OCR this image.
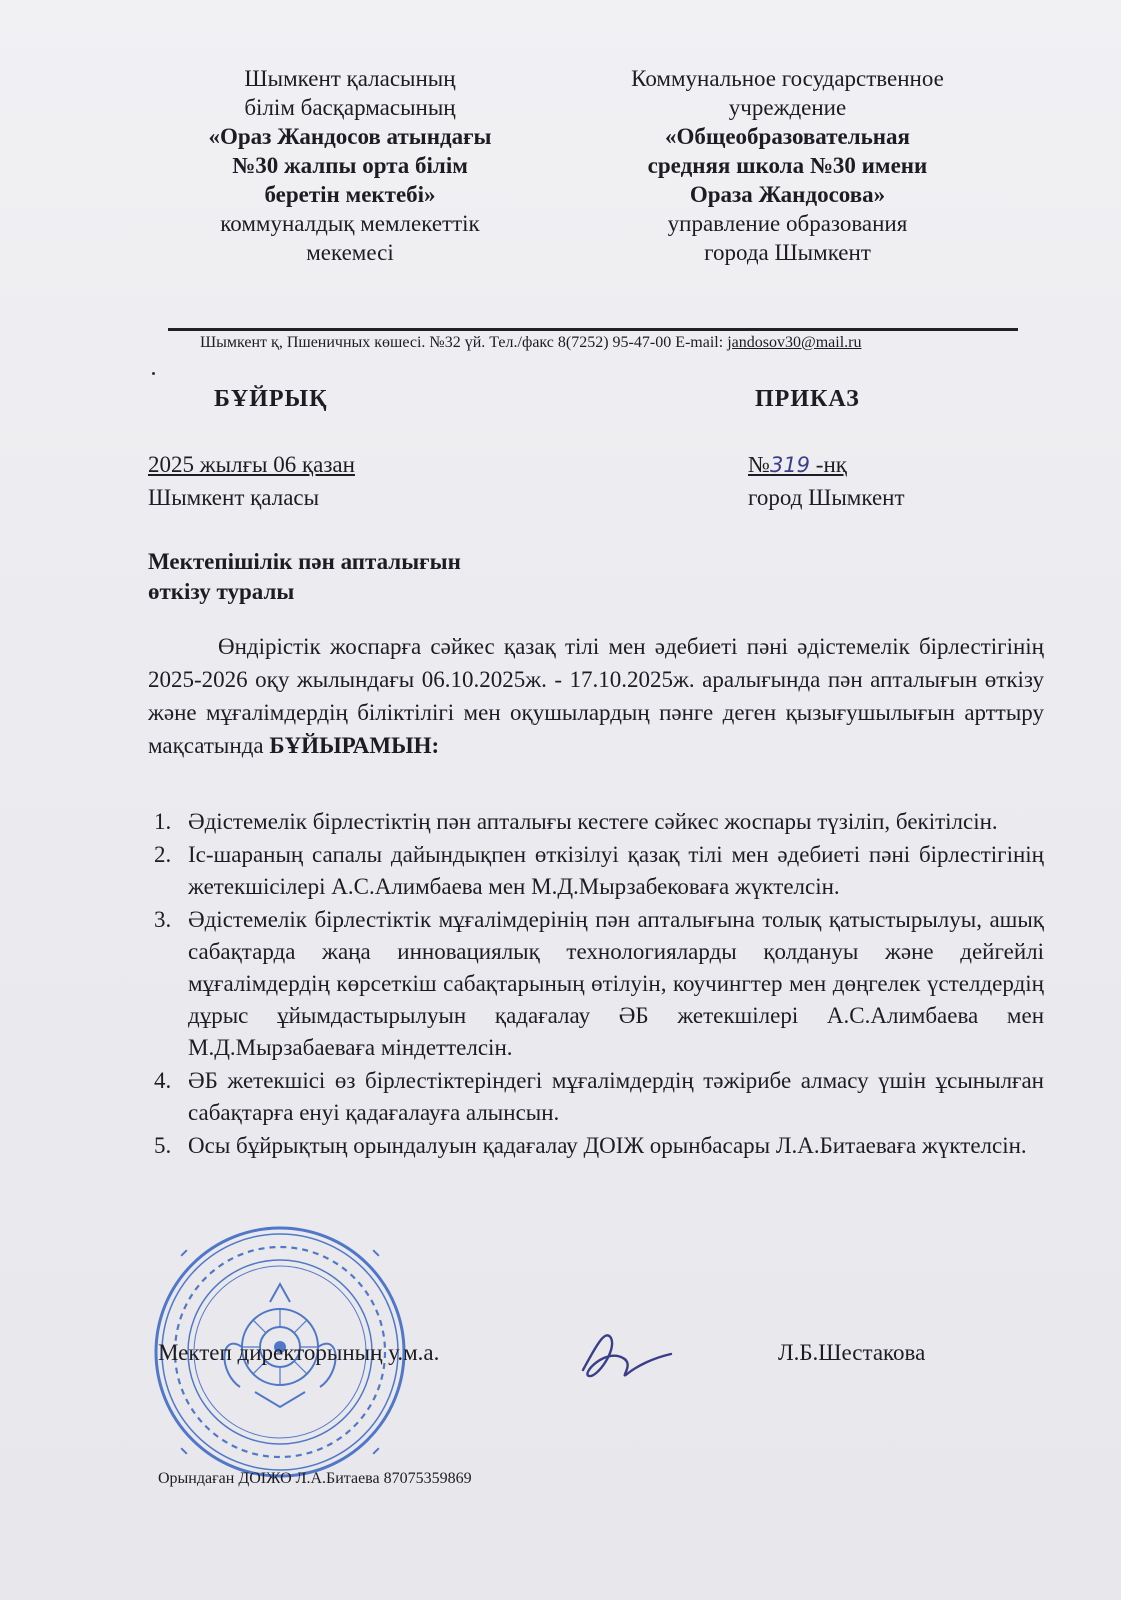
Шымкент қаласының
білім басқармасының
«Ораз Жандосов атындағы
№30 жалпы орта білім
беретін мектебі»
коммуналдық мемлекеттік
мекемесі
Коммунальное государственное
учреждение
«Общеобразовательная
средняя школа №30 имени
Ораза Жандосова»
управление образования
города Шымкент
Шымкент қ, Пшеничных көшесі. №32 үй. Тел./факс 8(7252) 95-47-00 E-mail: jandosov30@mail.ru
БҰЙРЫҚ	ПРИКАЗ
2025 жылғы 06 қазан
Шымкент қаласы
№319 -нқ
город Шымкент
Мектепішілік пән апталығын
өткізу туралы

Өндірістік жоспарға сәйкес қазақ тілі мен әдебиеті пәні әдістемелік бірлестігінің 2025-2026 оқу жылындағы 06.10.2025ж. - 17.10.2025ж. аралығында пән апталығын өткізу және мұғалімдердің біліктілігі мен оқушылардың пәнге деген қызығушылығын арттыру мақсатында БҰЙЫРАМЫН:

1. Әдістемелік бірлестіктің пән апталығы кестеге сәйкес жоспары түзіліп, бекітілсін.
2. Іс-шараның сапалы дайындықпен өткізілуі қазақ тілі мен әдебиеті пәні бірлестігінің жетекшісілері А.С.Алимбаева мен М.Д.Мырзабековаға жүктелсін.
3. Әдістемелік бірлестіктік мұғалімдерінің пән апталығына толық қатыстырылуы, ашық сабақтарда жаңа инновациялық технологияларды қолдануы және дейгейлі мұғалімдердің көрсеткіш сабақтарының өтілуін, коучингтер мен дөңгелек үстелдердің дұрыс ұйымдастырылуын қадағалау ӘБ жетекшілері А.С.Алимбаева мен М.Д.Мырзабаеваға міндеттелсін.
4. ӘБ жетекшісі өз бірлестіктеріндегі мұғалімдердің тәжірибе алмасу үшін ұсынылған сабақтарға енуі қадағалауға алынсын.
5. Осы бұйрықтың орындалуын қадағалау ДОІЖ орынбасары Л.А.Битаеваға жүктелсін.
Мектеп директорының у.м.а.	Л.Б.Шестакова
Орындаған ДОІЖО Л.А.Битаева 87075359869
